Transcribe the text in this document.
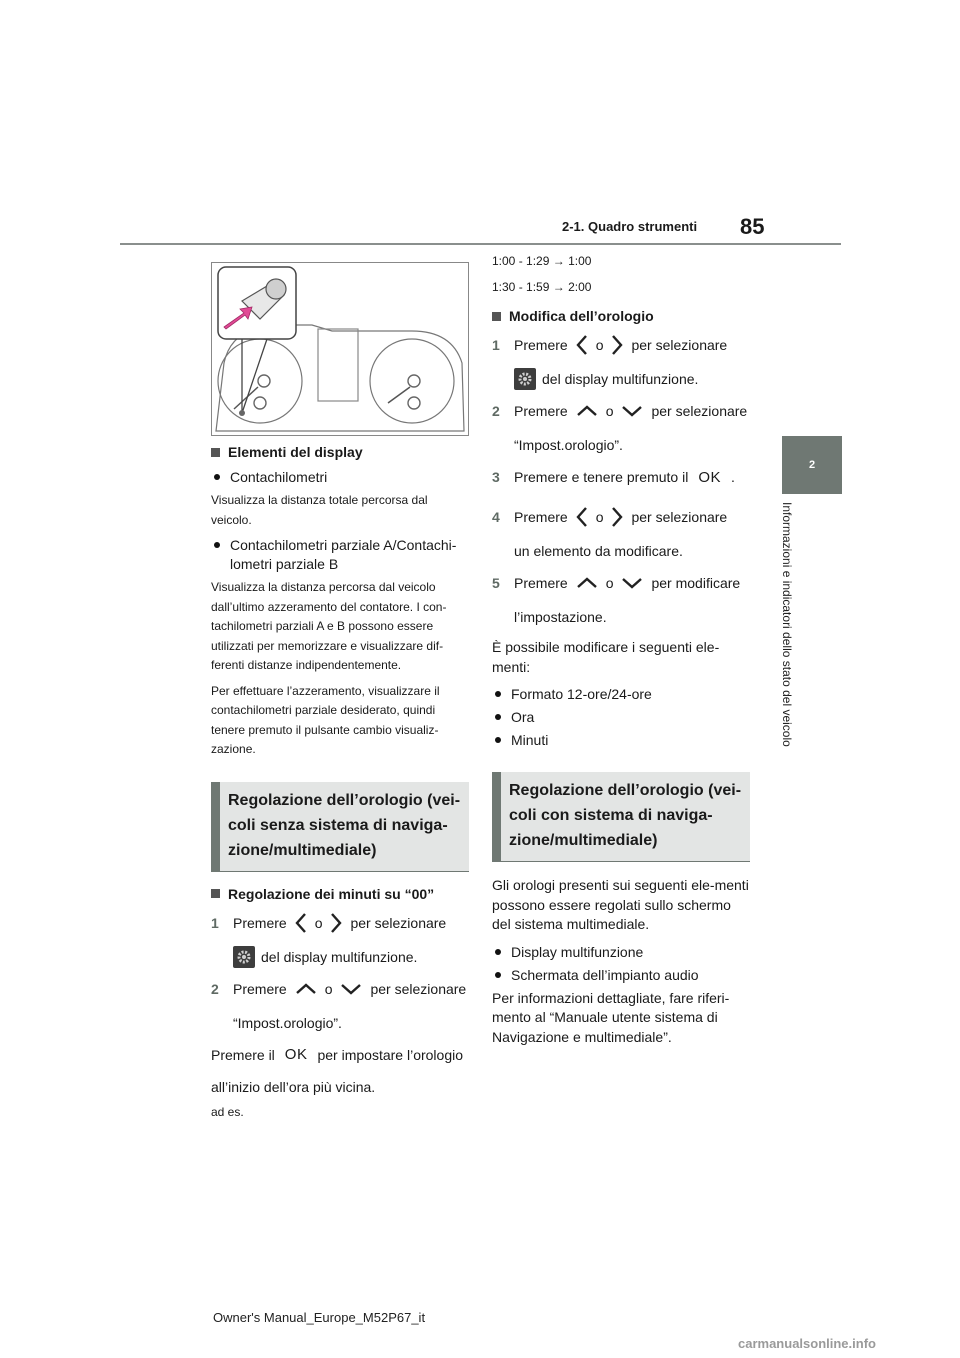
2-1. Quadro strumenti 85
2
Informazioni e indicatori dello stato del veicolo
Elementi del display
Contachilometri
Visualizza la distanza totale percorsa dal veicolo.
Contachilometri parziale A/Contachi-lometri parziale B
Visualizza la distanza percorsa dal veicolo dall’ultimo azzeramento del contatore. I con-tachilometri parziali A e B possono essere utilizzati per memorizzare e visualizzare dif-ferenti distanze indipendentemente.
Per effettuare l’azzeramento, visualizzare il contachilometri parziale desiderato, quindi tenere premuto il pulsante cambio visualiz-zazione.
Regolazione dell’orologio (vei-coli senza sistema di naviga-zione/multimediale)
Regolazione dei minuti su “00”
1	Premere o per selezionare
del display multifunzione.
2	Premere	o	per selezionare
“Impost.orologio”.
Premere il OK per impostare l’orologio
all’inizio dell’ora più vicina.
ad es.
1:00 - 1:29 → 1:00
1:30 - 1:59 → 2:00
Modifica dell’orologio
1	Premere o per selezionare
del display multifunzione.
2	Premere	o	per selezionare
“Impost.orologio”.
3	Premere e tenere premuto il OK .
4	Premere o per selezionare
un elemento da modificare.
5	Premere	o	per modificare
l’impostazione.
È possibile modificare i seguenti ele-menti:
Formato 12-ore/24-ore
Ora
Minuti
Regolazione dell’orologio (vei-coli con sistema di naviga-zione/multimediale)
Gli orologi presenti sui seguenti ele-menti possono essere regolati sullo schermo del sistema multimediale.
Display multifunzione
Schermata dell’impianto audio
Per informazioni dettagliate, fare riferi-mento al “Manuale utente sistema di Navigazione e multimediale”.
Owner's Manual_Europe_M52P67_it
carmanualsonline.info
